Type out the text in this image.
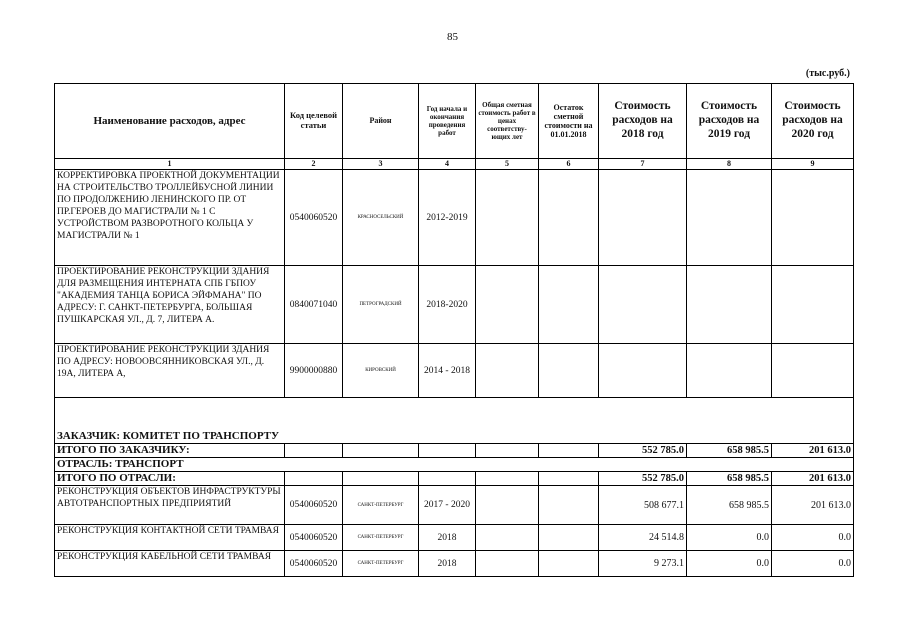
85
(тыс.руб.)
Наименование расходов, адрес	Код целевой статьи	Район	Год начала и окончания проведения работ	Общая сметная стоимость работ в ценах соответству-ющих лет	Остаток сметной стоимости на 01.01.2018	Стоимость расходов на 2018 год	Стоимость расходов на 2019 год	Стоимость расходов на 2020 год
1	2	3	4	5	6	7	8	9
КОРРЕКТИРОВКА ПРОЕКТНОЙ ДОКУМЕНТАЦИИ НА СТРОИТЕЛЬСТВО ТРОЛЛЕЙБУСНОЙ ЛИНИИ ПО ПРОДОЛЖЕНИЮ ЛЕНИНСКОГО ПР. ОТ ПР.ГЕРОЕВ ДО МАГИСТРАЛИ № 1 С УСТРОЙСТВОМ РАЗВОРОТНОГО КОЛЬЦА У МАГИСТРАЛИ № 1	0540060520	КРАСНОСЕЛЬСКИЙ	2012-2019					
ПРОЕКТИРОВАНИЕ РЕКОНСТРУКЦИИ ЗДАНИЯ ДЛЯ РАЗМЕЩЕНИЯ ИНТЕРНАТА СПБ ГБПОУ "АКАДЕМИЯ ТАНЦА БОРИСА ЭЙФМАНА" ПО АДРЕСУ: Г. САНКТ-ПЕТЕРБУРГА, БОЛЬШАЯ ПУШКАРСКАЯ УЛ., Д. 7, ЛИТЕРА А.	0840071040	ПЕТРОГРАДСКИЙ	2018-2020					
ПРОЕКТИРОВАНИЕ РЕКОНСТРУКЦИИ ЗДАНИЯ ПО АДРЕСУ: НОВООВСЯННИКОВСКАЯ УЛ., Д. 19А, ЛИТЕРА А,	9900000880	КИРОВСКИЙ	2014 - 2018					
ЗАКАЗЧИК: КОМИТЕТ ПО ТРАНСПОРТУ								
ИТОГО ПО ЗАКАЗЧИКУ:						552 785.0	658 985.5	201 613.0
ОТРАСЛЬ: ТРАНСПОРТ								
ИТОГО ПО ОТРАСЛИ:						552 785.0	658 985.5	201 613.0
РЕКОНСТРУКЦИЯ ОБЪЕКТОВ ИНФРАСТРУКТУРЫ АВТОТРАНСПОРТНЫХ ПРЕДПРИЯТИЙ	0540060520	САНКТ-ПЕТЕРБУРГ	2017 - 2020			508 677.1	658 985.5	201 613.0
РЕКОНСТРУКЦИЯ КОНТАКТНОЙ СЕТИ ТРАМВАЯ	0540060520	САНКТ-ПЕТЕРБУРГ	2018			24 514.8	0.0	0.0
РЕКОНСТРУКЦИЯ КАБЕЛЬНОЙ СЕТИ ТРАМВАЯ	0540060520	САНКТ-ПЕТЕРБУРГ	2018			9 273.1	0.0	0.0
